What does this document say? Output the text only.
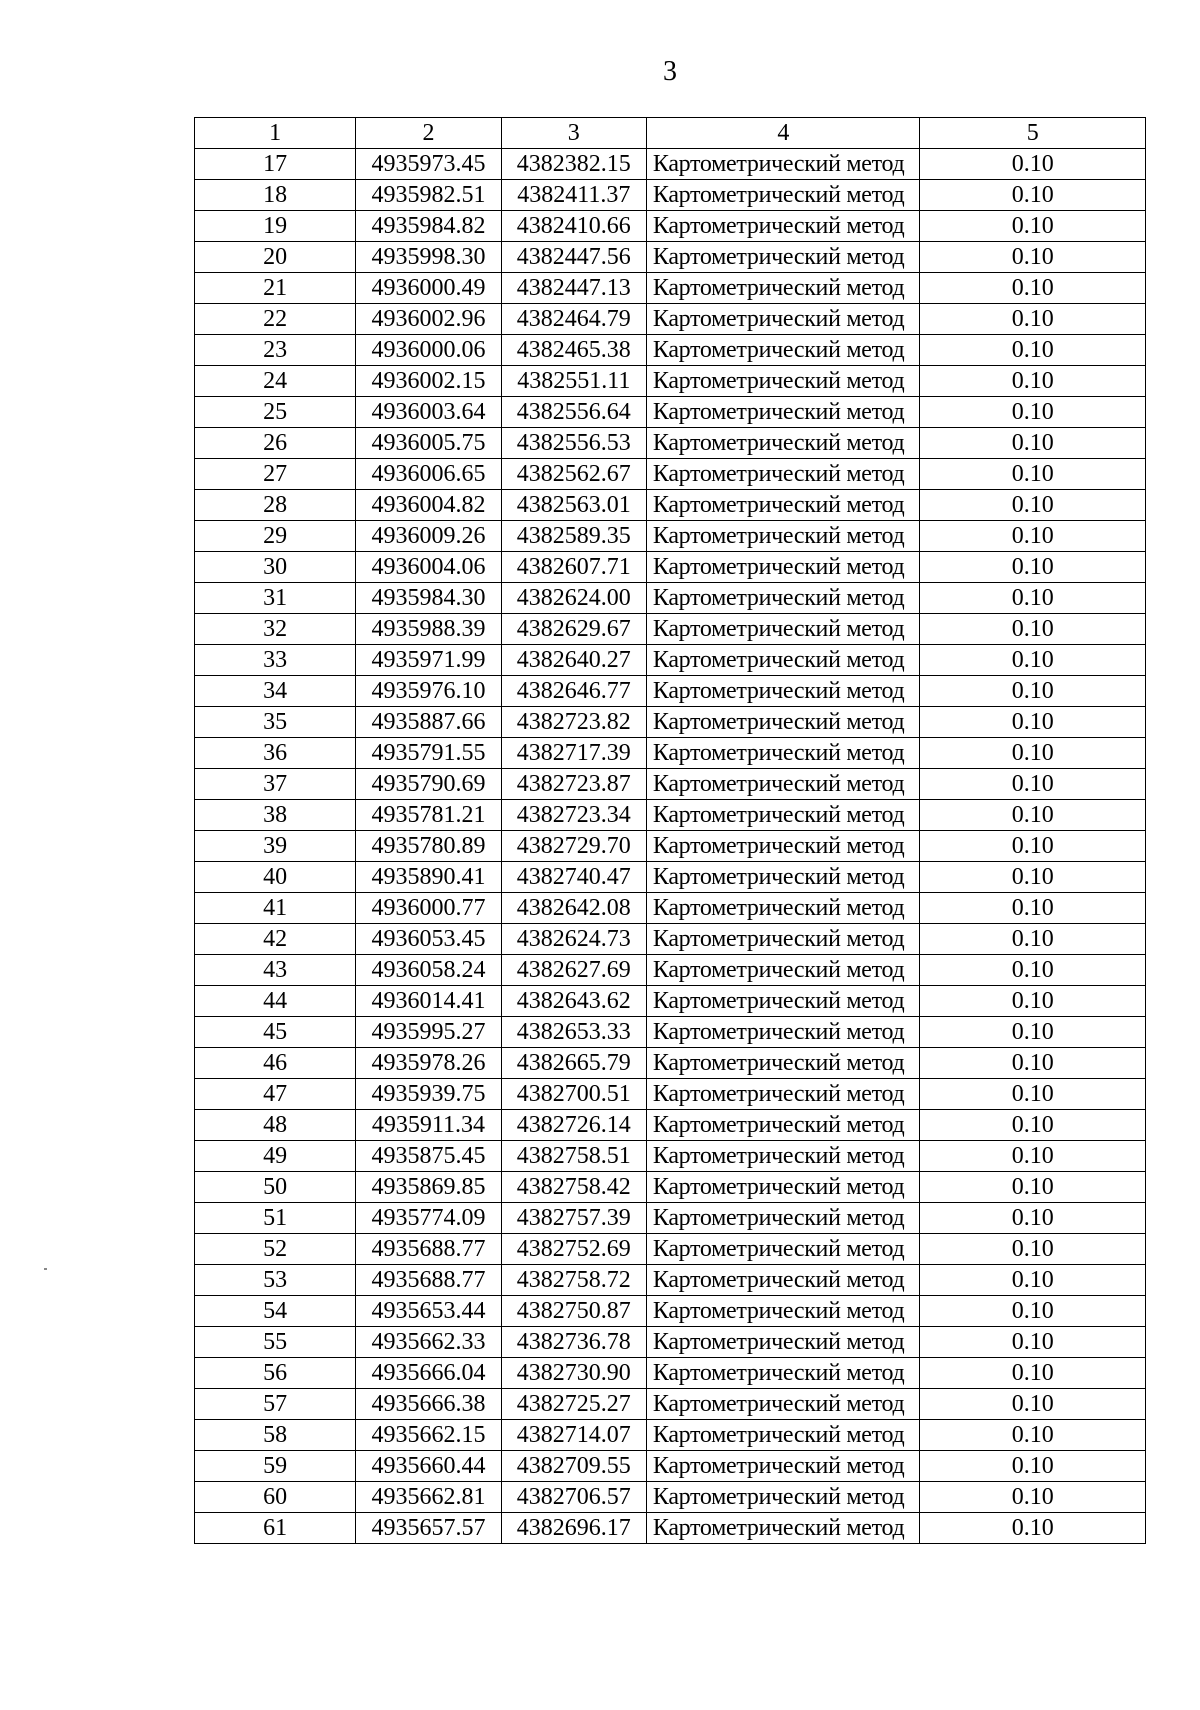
3
1	2	3	4	5
17	4935973.45	4382382.15	Картометрический метод	0.10
18	4935982.51	4382411.37	Картометрический метод	0.10
19	4935984.82	4382410.66	Картометрический метод	0.10
20	4935998.30	4382447.56	Картометрический метод	0.10
21	4936000.49	4382447.13	Картометрический метод	0.10
22	4936002.96	4382464.79	Картометрический метод	0.10
23	4936000.06	4382465.38	Картометрический метод	0.10
24	4936002.15	4382551.11	Картометрический метод	0.10
25	4936003.64	4382556.64	Картометрический метод	0.10
26	4936005.75	4382556.53	Картометрический метод	0.10
27	4936006.65	4382562.67	Картометрический метод	0.10
28	4936004.82	4382563.01	Картометрический метод	0.10
29	4936009.26	4382589.35	Картометрический метод	0.10
30	4936004.06	4382607.71	Картометрический метод	0.10
31	4935984.30	4382624.00	Картометрический метод	0.10
32	4935988.39	4382629.67	Картометрический метод	0.10
33	4935971.99	4382640.27	Картометрический метод	0.10
34	4935976.10	4382646.77	Картометрический метод	0.10
35	4935887.66	4382723.82	Картометрический метод	0.10
36	4935791.55	4382717.39	Картометрический метод	0.10
37	4935790.69	4382723.87	Картометрический метод	0.10
38	4935781.21	4382723.34	Картометрический метод	0.10
39	4935780.89	4382729.70	Картометрический метод	0.10
40	4935890.41	4382740.47	Картометрический метод	0.10
41	4936000.77	4382642.08	Картометрический метод	0.10
42	4936053.45	4382624.73	Картометрический метод	0.10
43	4936058.24	4382627.69	Картометрический метод	0.10
44	4936014.41	4382643.62	Картометрический метод	0.10
45	4935995.27	4382653.33	Картометрический метод	0.10
46	4935978.26	4382665.79	Картометрический метод	0.10
47	4935939.75	4382700.51	Картометрический метод	0.10
48	4935911.34	4382726.14	Картометрический метод	0.10
49	4935875.45	4382758.51	Картометрический метод	0.10
50	4935869.85	4382758.42	Картометрический метод	0.10
51	4935774.09	4382757.39	Картометрический метод	0.10
52	4935688.77	4382752.69	Картометрический метод	0.10
53	4935688.77	4382758.72	Картометрический метод	0.10
54	4935653.44	4382750.87	Картометрический метод	0.10
55	4935662.33	4382736.78	Картометрический метод	0.10
56	4935666.04	4382730.90	Картометрический метод	0.10
57	4935666.38	4382725.27	Картометрический метод	0.10
58	4935662.15	4382714.07	Картометрический метод	0.10
59	4935660.44	4382709.55	Картометрический метод	0.10
60	4935662.81	4382706.57	Картометрический метод	0.10
61	4935657.57	4382696.17	Картометрический метод	0.10
